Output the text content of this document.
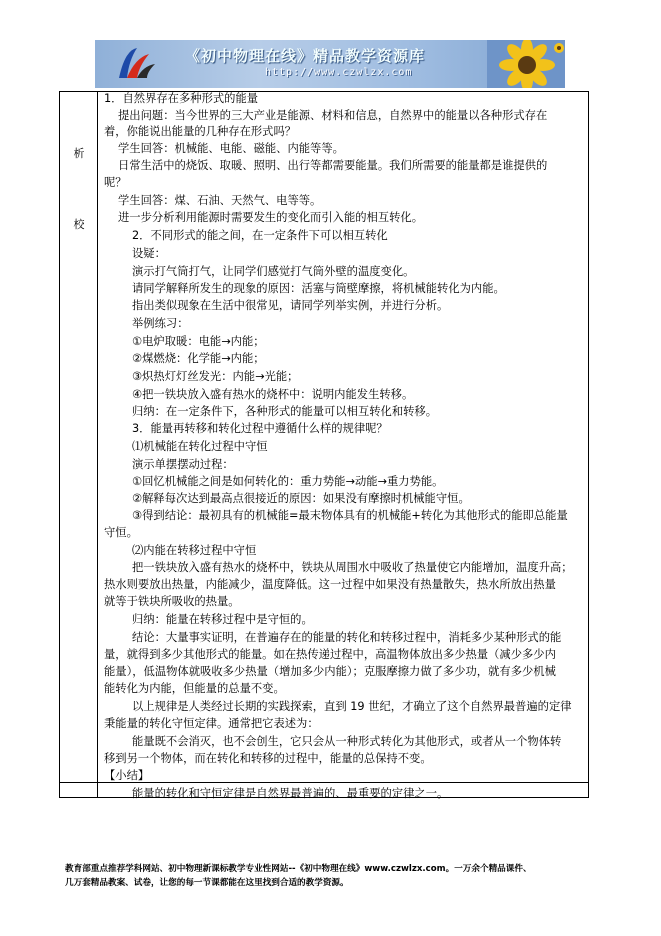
《初中物理在线》精品教学资源库
http://www.czwlzx.com
析
校
1．自然界存在多种形式的能量
提出问题：当今世界的三大产业是能源、材料和信息，自然界中的能量以各种形式存在
着，你能说出能量的几种存在形式吗？
学生回答：机械能、电能、磁能、内能等等。
日常生活中的烧饭、取暖、照明、出行等都需要能量。我们所需要的能量都是谁提供的
呢？
学生回答：煤、石油、天然气、电等等。
进一步分析利用能源时需要发生的变化而引入能的相互转化。
2．不同形式的能之间，在一定条件下可以相互转化
设疑：
演示打气筒打气，让同学们感觉打气筒外壁的温度变化。
请同学解释所发生的现象的原因：活塞与筒壁摩擦，将机械能转化为内能。
指出类似现象在生活中很常见，请同学列举实例，并进行分析。
举例练习：
①电炉取暖：电能→内能；
②煤燃烧：化学能→内能；
③炽热灯灯丝发光：内能→光能；
④把一铁块放入盛有热水的烧杯中：说明内能发生转移。
归纳：在一定条件下，各种形式的能量可以相互转化和转移。
3．能量再转移和转化过程中遵循什么样的规律呢？
⑴机械能在转化过程中守恒
演示单摆摆动过程：
①回忆机械能之间是如何转化的：重力势能→动能→重力势能。
②解释每次达到最高点很接近的原因：如果没有摩擦时机械能守恒。
③得到结论：最初具有的机械能=最末物体具有的机械能+转化为其他形式的能即总能量
守恒。
⑵内能在转移过程中守恒
把一铁块放入盛有热水的烧杯中，铁块从周围水中吸收了热量使它内能增加，温度升高；
热水则要放出热量，内能减少，温度降低。这一过程中如果没有热量散失，热水所放出热量
就等于铁块所吸收的热量。
归纳：能量在转移过程中是守恒的。
结论：大量事实证明，在普遍存在的能量的转化和转移过程中，消耗多少某种形式的能
量，就得到多少其他形式的能量。如在热传递过程中，高温物体放出多少热量（减少多少内
能量），低温物体就吸收多少热量（增加多少内能）；克服摩擦力做了多少功，就有多少机械
能转化为内能，但能量的总量不变。
以上规律是人类经过长期的实践探索，直到 19 世纪，才确立了这个自然界最普遍的定律
秉能量的转化守恒定律。通常把它表述为：
能量既不会消灭，也不会创生，它只会从一种形式转化为其他形式，或者从一个物体转
移到另一个物体，而在转化和转移的过程中，能量的总保持不变。
【小结】
能量的转化和守恒定律是自然界最普遍的、最重要的定律之一。
教育部重点推荐学科网站、初中物理新课标教学专业性网站--《初中物理在线》www.czwlzx.com。一万余个精品课件、
几万套精品教案、试卷，让您的每一节课都能在这里找到合适的教学资源。
